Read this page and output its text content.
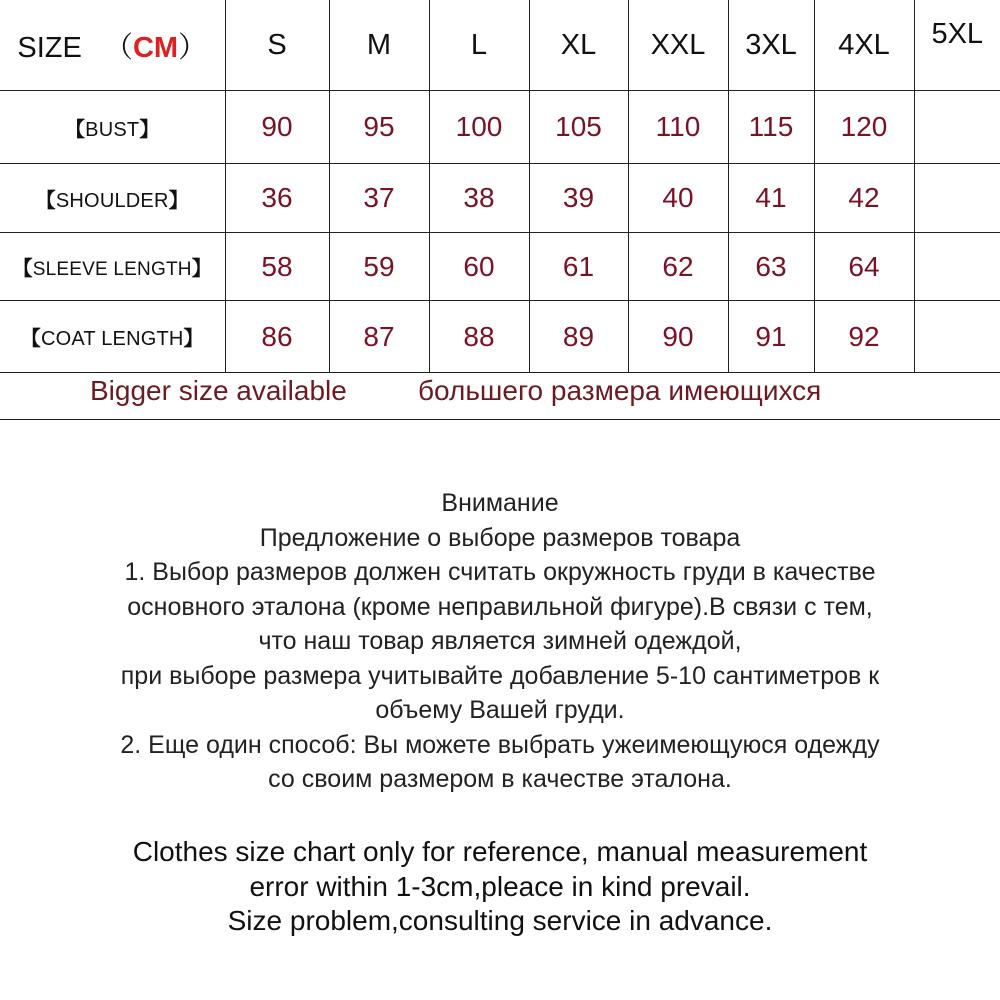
SIZE （CM）	S	M	L	XL	XXL	3XL	4XL	5XL
【BUST】	90	95	100	105	110	115	120	
【SHOULDER】	36	37	38	39	40	41	42	
【SLEEVE LENGTH】	58	59	60	61	62	63	64	
【COAT LENGTH】	86	87	88	89	90	91	92	
Bigger size available	большего размера имеющихся
Внимание
Предложение о выборе размеров товара
1. Выбор размеров должен считать окружность груди в качестве
основного эталона (кроме неправильной фигуре).В связи с тем,
что наш товар является зимней одеждой,
при выборе размера учитывайте добавление 5-10 сантиметров к
объему Вашей груди.
2. Еще один способ: Вы можете выбрать ужеимеющуюся одежду
со своим размером в качестве эталона.
Clothes size chart only for reference, manual measurement
error within 1-3cm,pleace in kind prevail.
Size problem,consulting service in advance.
